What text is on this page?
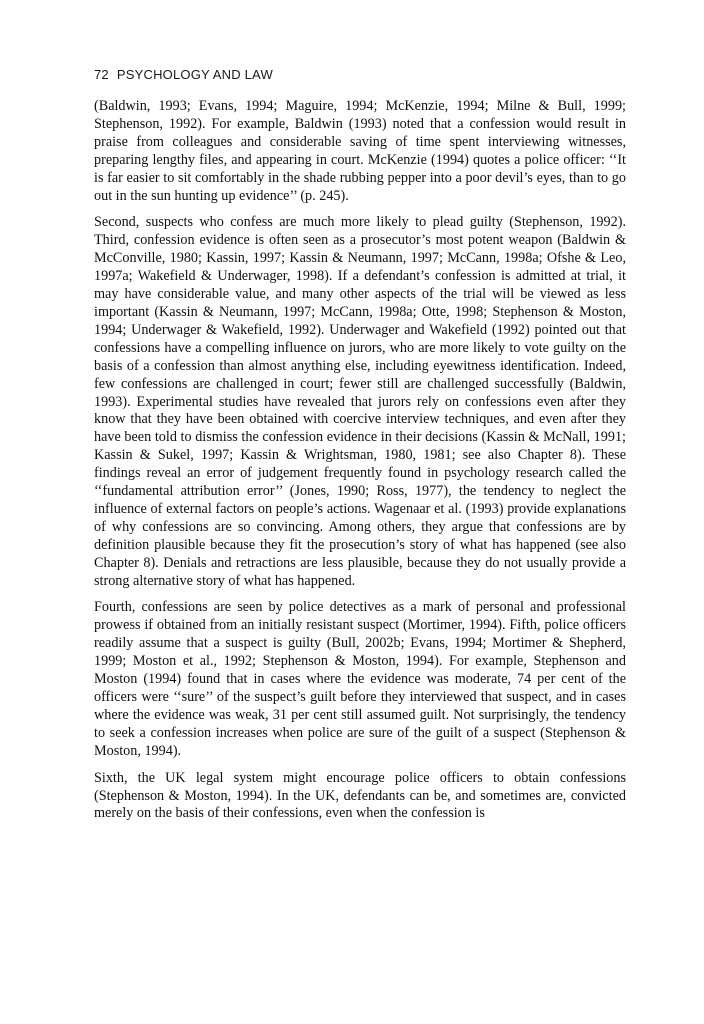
72 PSYCHOLOGY AND LAW

(Baldwin, 1993; Evans, 1994; Maguire, 1994; McKenzie, 1994; Milne & Bull, 1999; Stephenson, 1992). For example, Baldwin (1993) noted that a confession would result in praise from colleagues and considerable saving of time spent interviewing witnesses, preparing lengthy files, and appearing in court. McKenzie (1994) quotes a police officer: ‘‘It is far easier to sit comfortably in the shade rubbing pepper into a poor devil’s eyes, than to go out in the sun hunting up evidence’’ (p. 245).

Second, suspects who confess are much more likely to plead guilty (Stephenson, 1992). Third, confession evidence is often seen as a prosecutor’s most potent weapon (Baldwin & McConville, 1980; Kassin, 1997; Kassin & Neumann, 1997; McCann, 1998a; Ofshe & Leo, 1997a; Wakefield & Underwager, 1998). If a defendant’s confession is admitted at trial, it may have considerable value, and many other aspects of the trial will be viewed as less important (Kassin & Neumann, 1997; McCann, 1998a; Otte, 1998; Stephenson & Moston, 1994; Underwager & Wakefield, 1992). Underwager and Wakefield (1992) pointed out that confessions have a compelling influence on jurors, who are more likely to vote guilty on the basis of a confession than almost anything else, including eyewitness identification. Indeed, few confessions are challenged in court; fewer still are challenged successfully (Baldwin, 1993). Experimental studies have revealed that jurors rely on confessions even after they know that they have been obtained with coercive interview techniques, and even after they have been told to dismiss the confession evidence in their decisions (Kassin & McNall, 1991; Kassin & Sukel, 1997; Kassin & Wrightsman, 1980, 1981; see also Chapter 8). These findings reveal an error of judgement frequently found in psychology research called the ‘‘fundamental attribution error’’ (Jones, 1990; Ross, 1977), the tendency to neglect the influence of external factors on people’s actions. Wagenaar et al. (1993) provide explanations of why confessions are so convincing. Among others, they argue that confessions are by definition plausible because they fit the prosecution’s story of what has happened (see also Chapter 8). Denials and retractions are less plausible, because they do not usually provide a strong alternative story of what has happened.

Fourth, confessions are seen by police detectives as a mark of personal and professional prowess if obtained from an initially resistant suspect (Mortimer, 1994). Fifth, police officers readily assume that a suspect is guilty (Bull, 2002b; Evans, 1994; Mortimer & Shepherd, 1999; Moston et al., 1992; Stephenson & Moston, 1994). For example, Stephenson and Moston (1994) found that in cases where the evidence was moderate, 74 per cent of the officers were ‘‘sure’’ of the suspect’s guilt before they interviewed that suspect, and in cases where the evidence was weak, 31 per cent still assumed guilt. Not surprisingly, the tendency to seek a confession increases when police are sure of the guilt of a suspect (Stephenson & Moston, 1994).

Sixth, the UK legal system might encourage police officers to obtain confessions (Stephenson & Moston, 1994). In the UK, defendants can be, and sometimes are, convicted merely on the basis of their confessions, even when the confession is
